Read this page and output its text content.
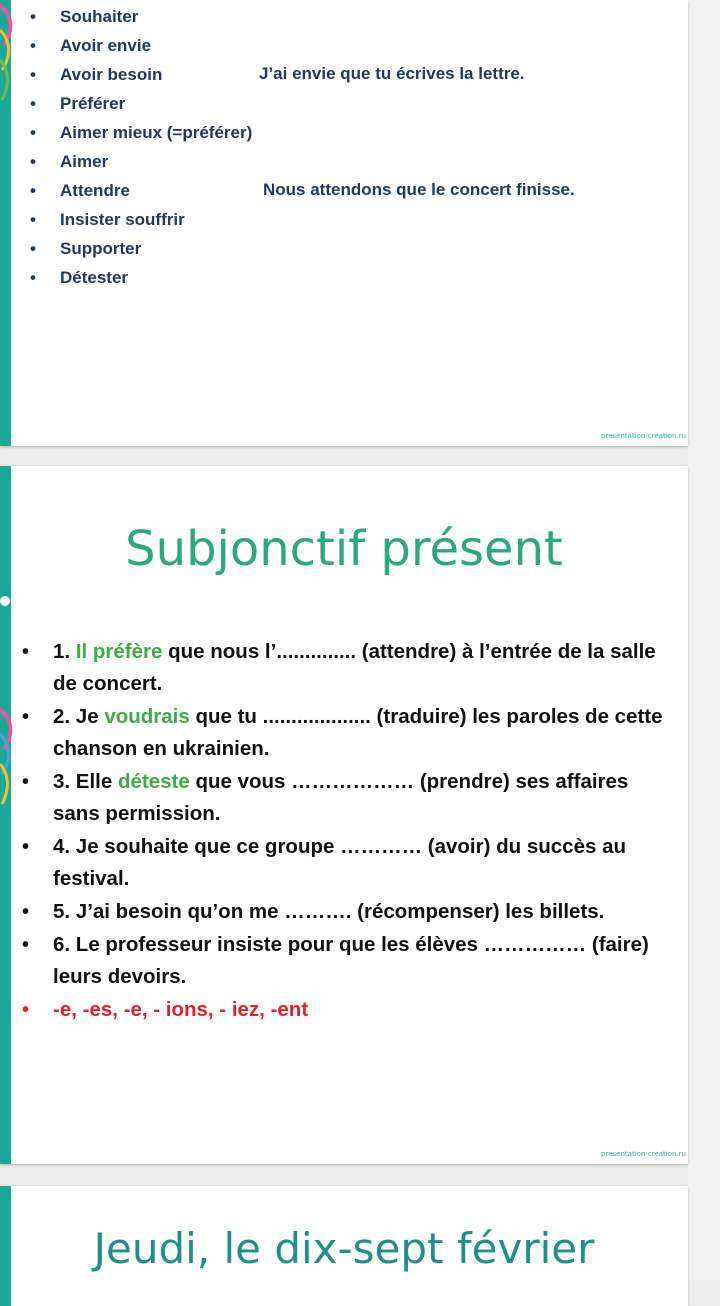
• Souhaiter
• Avoir envie
• Avoir besoin
• Préférer
• Aimer mieux (=préférer)
• Aimer
• Attendre
• Insister souffrir
• Supporter
• Détester
J’ai envie que tu écrives la lettre.
Nous attendons que le concert finisse.
presentation-creation.ru
Subjonctif présent
• 1. Il préfère que nous l’.............. (attendre) à l’entrée de la salle de concert.
• 2. Je voudrais que tu ................... (traduire) les paroles de cette chanson en ukrainien.
• 3. Elle déteste que vous ……………… (prendre) ses affaires sans permission.
• 4. Je souhaite que ce groupe ………… (avoir) du succès au festival.
• 5. J’ai besoin qu’on me ………. (récompenser) les billets.
• 6. Le professeur insiste pour que les élèves …………… (faire) leurs devoirs.
• -e, -es, -e, - ions, - iez, -ent
presentation-creation.ru
Jeudi, le dix-sept février
